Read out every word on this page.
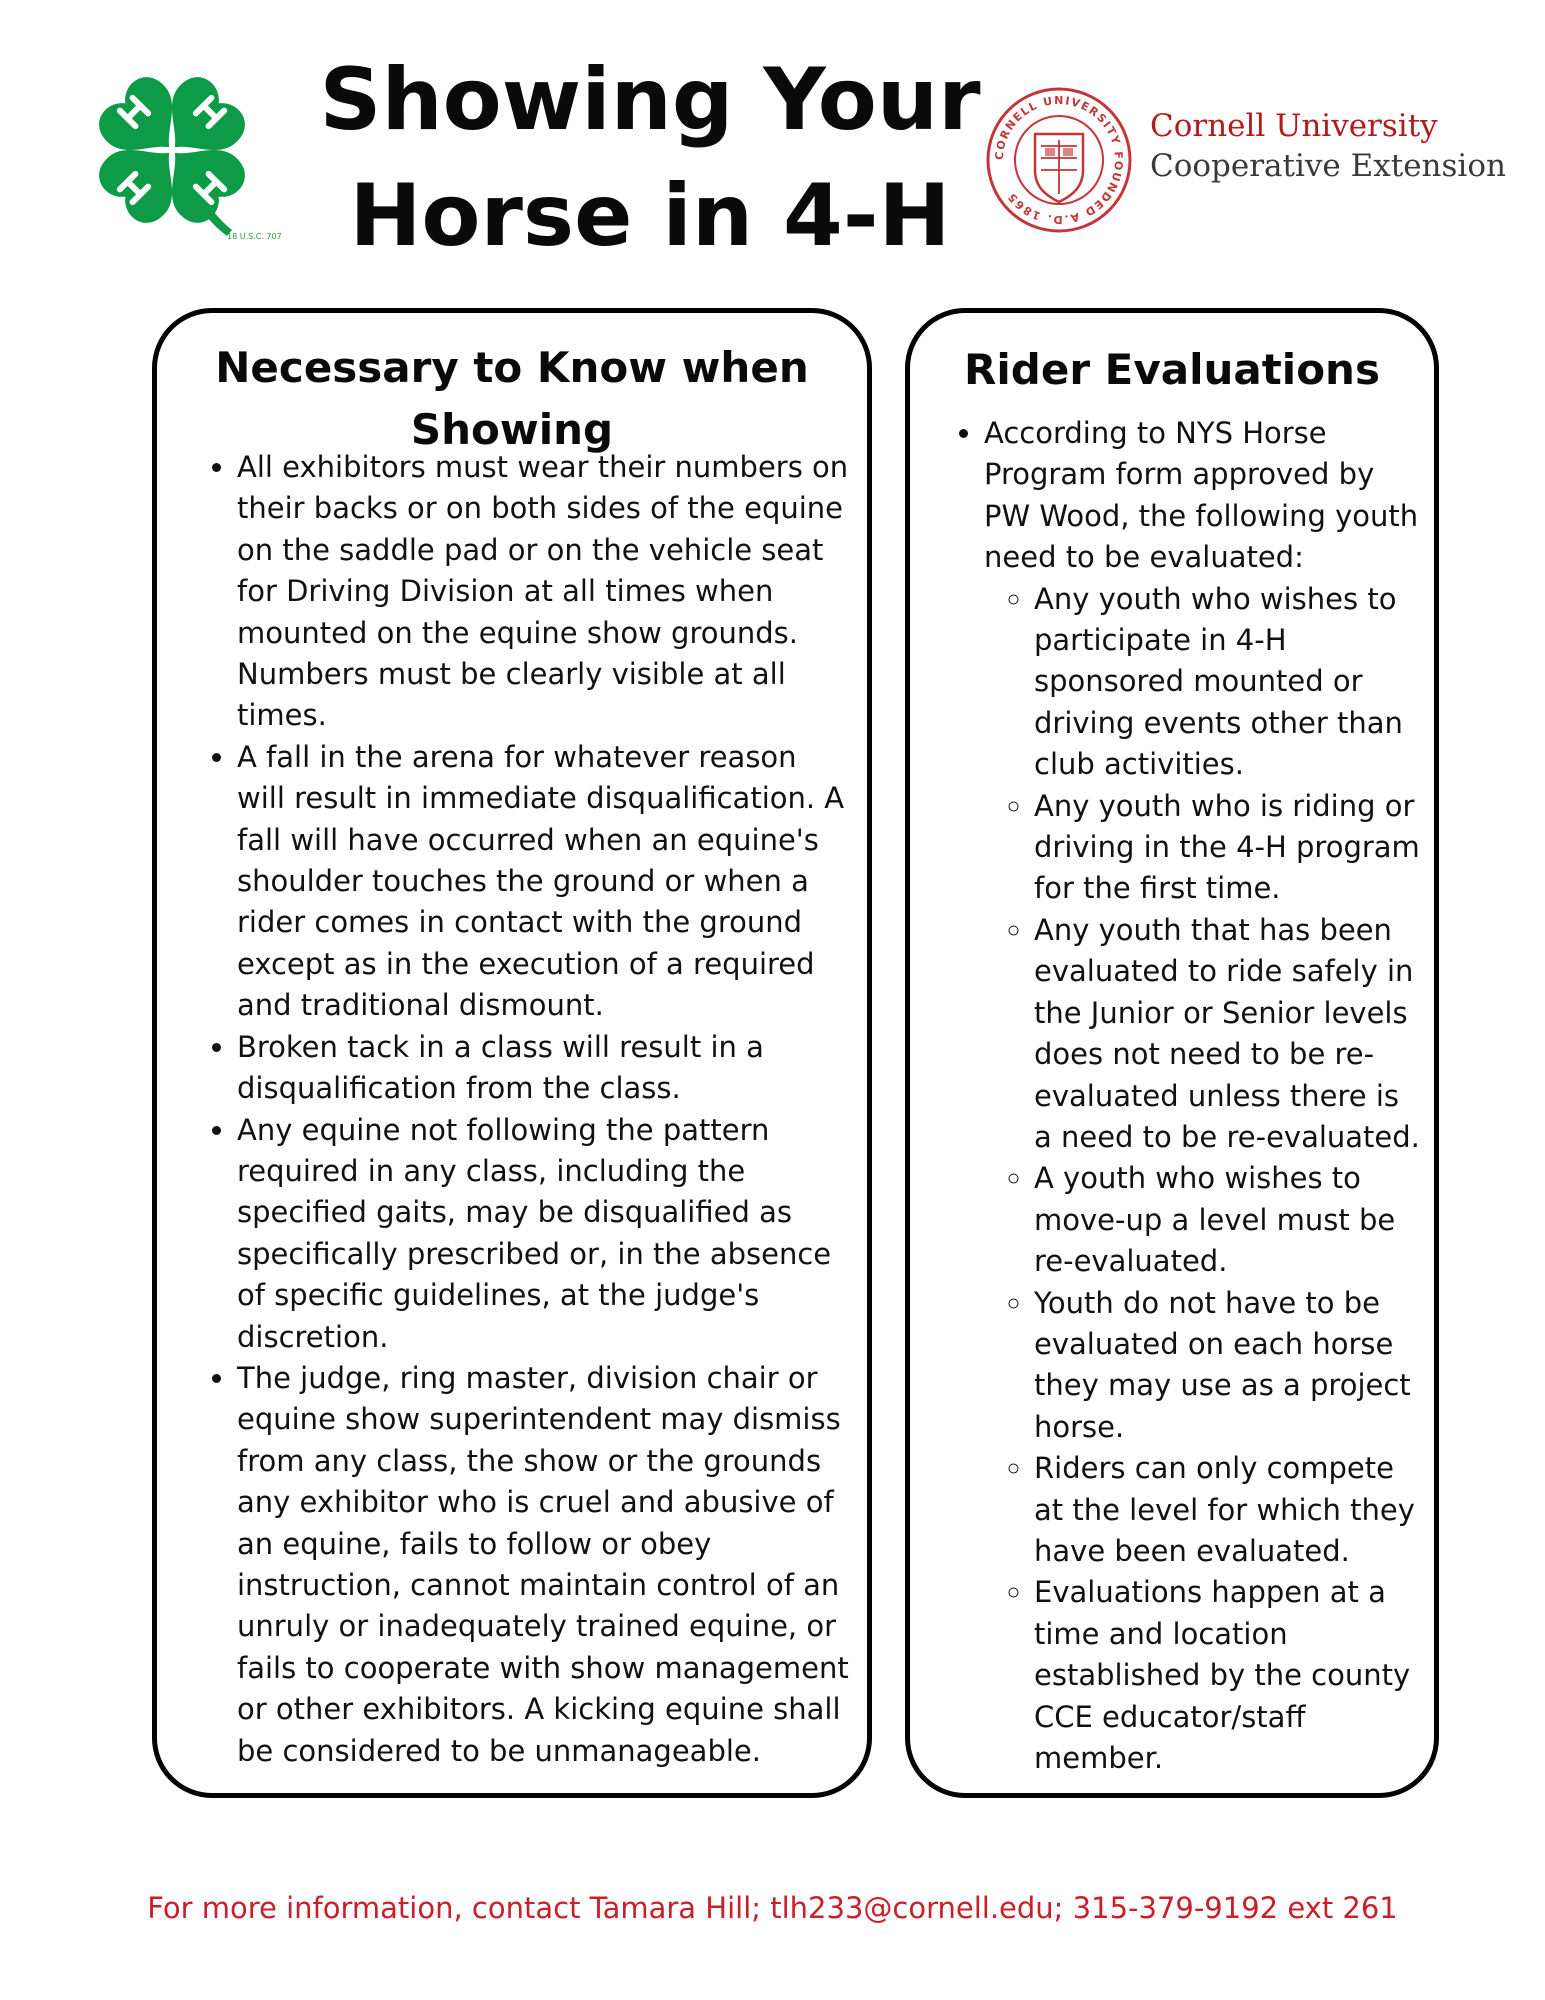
18 U.S.C. 707
Showing Your
Horse in 4-H
CORNELL UNIVERSITY FOUNDED A.D. 1865
Cornell University
Cooperative Extension
Necessary to Know when Showing
• All exhibitors must wear their numbers on their backs or on both sides of the equine on the saddle pad or on the vehicle seat for Driving Division at all times when mounted on the equine show grounds. Numbers must be clearly visible at all times.
• A fall in the arena for whatever reason will result in immediate disqualification. A fall will have occurred when an equine's shoulder touches the ground or when a rider comes in contact with the ground except as in the execution of a required and traditional dismount.
• Broken tack in a class will result in a disqualification from the class.
• Any equine not following the pattern required in any class, including the specified gaits, may be disqualified as specifically prescribed or, in the absence of specific guidelines, at the judge's discretion.
• The judge, ring master, division chair or equine show superintendent may dismiss from any class, the show or the grounds any exhibitor who is cruel and abusive of an equine, fails to follow or obey instruction, cannot maintain control of an unruly or inadequately trained equine, or fails to cooperate with show management or other exhibitors. A kicking equine shall be considered to be unmanageable.
Rider Evaluations
• According to NYS Horse Program form approved by PW Wood, the following youth need to be evaluated:
◦ Any youth who wishes to participate in 4-H sponsored mounted or driving events other than club activities.
◦ Any youth who is riding or driving in the 4-H program for the first time.
◦ Any youth that has been evaluated to ride safely in the Junior or Senior levels does not need to be re-evaluated unless there is a need to be re-evaluated.
◦ A youth who wishes to move-up a level must be re-evaluated.
◦ Youth do not have to be evaluated on each horse they may use as a project horse.
◦ Riders can only compete at the level for which they have been evaluated.
◦ Evaluations happen at a time and location established by the county CCE educator/staff member.
For more information, contact Tamara Hill; tlh233@cornell.edu; 315-379-9192 ext 261
